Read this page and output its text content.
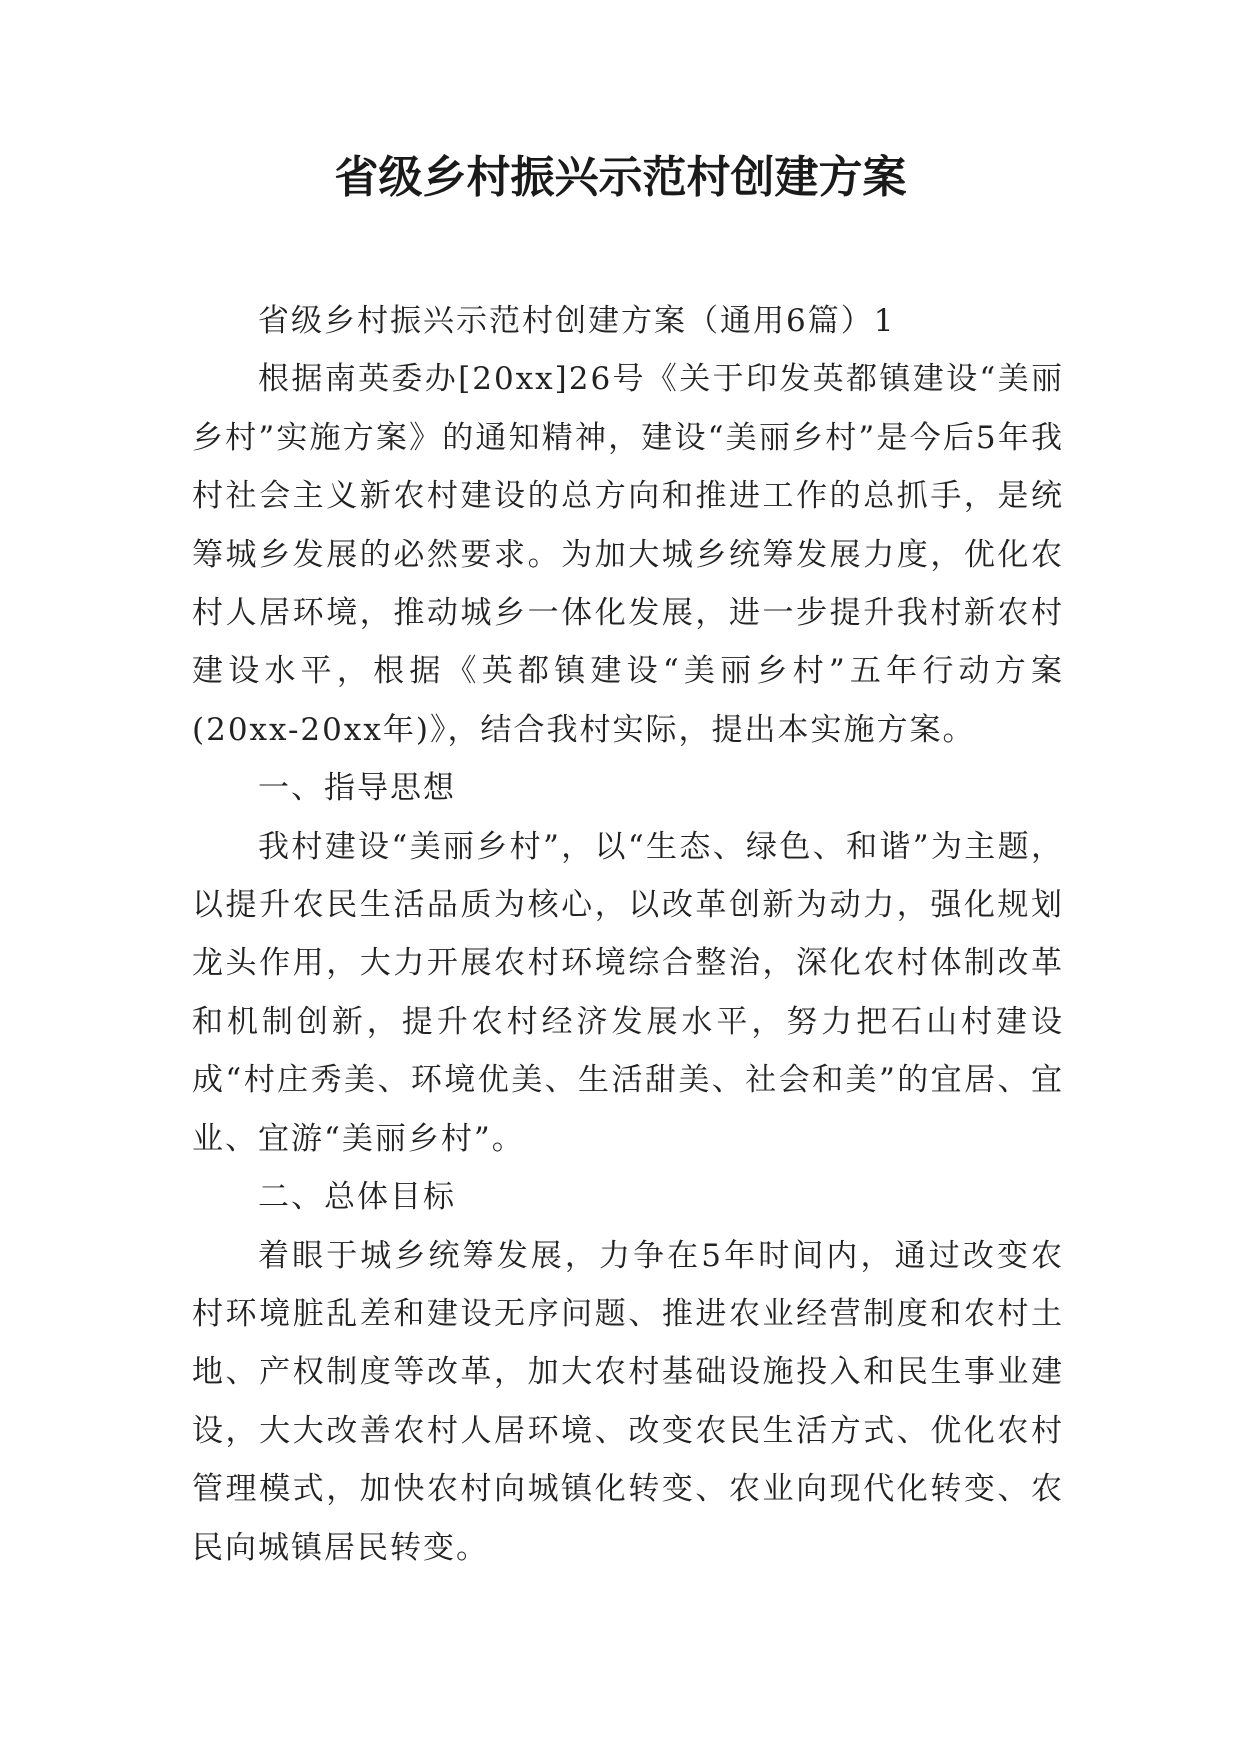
省级乡村振兴示范村创建方案

省级乡村振兴示范村创建方案（通用6篇）1

根据南英委办[20xx]26号《关于印发英都镇建设“美丽乡村”实施方案》的通知精神，建设“美丽乡村”是今后5年我村社会主义新农村建设的总方向和推进工作的总抓手，是统筹城乡发展的必然要求。为加大城乡统筹发展力度，优化农村人居环境，推动城乡一体化发展，进一步提升我村新农村建设水平，根据《英都镇建设“美丽乡村”五年行动方案(20xx-20xx年)》，结合我村实际，提出本实施方案。

一、指导思想

我村建设“美丽乡村”，以“生态、绿色、和谐”为主题，以提升农民生活品质为核心，以改革创新为动力，强化规划龙头作用，大力开展农村环境综合整治，深化农村体制改革和机制创新，提升农村经济发展水平，努力把石山村建设成“村庄秀美、环境优美、生活甜美、社会和美”的宜居、宜业、宜游“美丽乡村”。

二、总体目标

着眼于城乡统筹发展，力争在5年时间内，通过改变农村环境脏乱差和建设无序问题、推进农业经营制度和农村土地、产权制度等改革，加大农村基础设施投入和民生事业建设，大大改善农村人居环境、改变农民生活方式、优化农村管理模式，加快农村向城镇化转变、农业向现代化转变、农民向城镇居民转变。
